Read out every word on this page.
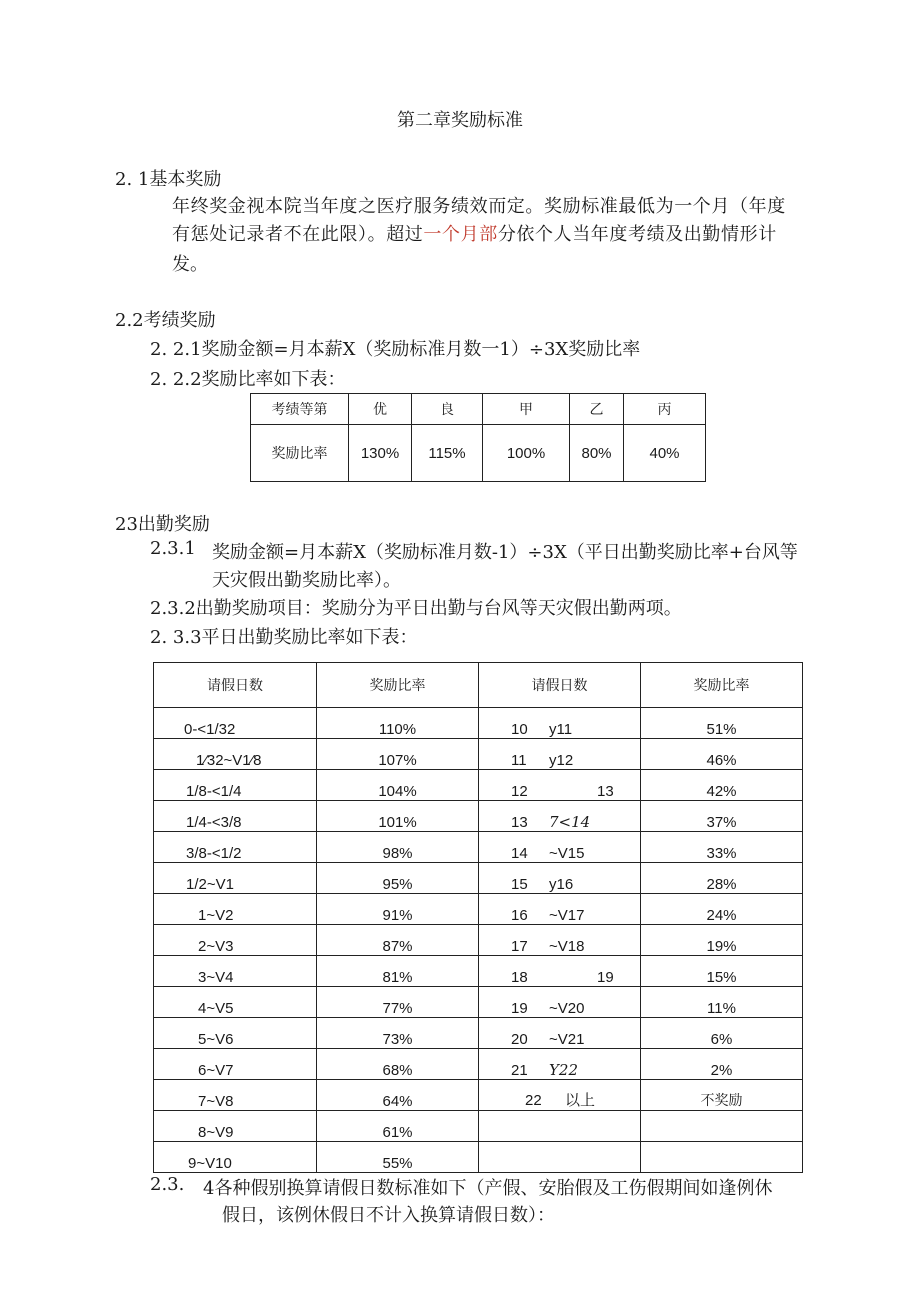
第二章奖励标准
2. 1基本奖励
年终奖金视本院当年度之医疗服务绩效而定。奖励标准最低为一个月（年度
有惩处记录者不在此限）。超过一个月部分依个人当年度考绩及出勤情形计
发。
2.2考绩奖励
2. 2.1奖励金额=月本薪X（奖励标准月数一1）÷3X奖励比率
2. 2.2奖励比率如下表：
考绩等第	优	良	甲	乙	丙
奖励比率	130%	115%	100%	80%	40%
23出勤奖励
2.3.1 奖励金额=月本薪X（奖励标准月数-1）÷3X（平日出勤奖励比率+台风等
天灾假出勤奖励比率）。
2.3.2出勤奖励项目：奖励分为平日出勤与台风等天灾假出勤两项。
2. 3.3平日出勤奖励比率如下表：
请假日数	奖励比率	请假日数	奖励比率
0-<1/32	110%	10 y11	51%
1⁄32~V1⁄8	107%	11 y12	46%
1/8-<1/4	104%	12 13	42%
1/4-<3/8	101%	13 7<14	37%
3/8-<1/2	98%	14 ~V15	33%
1/2~V1	95%	15 y16	28%
1~V2	91%	16 ~V17	24%
2~V3	87%	17 ~V18	19%
3~V4	81%	18 19	15%
4~V5	77%	19 ~V20	11%
5~V6	73%	20 ~V21	6%
6~V7	68%	21 Y22	2%
7~V8	64%	22 以上	不奖励
8~V9	61%		
9~V10	55%		
2.3. 4各种假别换算请假日数标准如下（产假、安胎假及工伤假期间如逢例休
假日，该例休假日不计入换算请假日数）：
